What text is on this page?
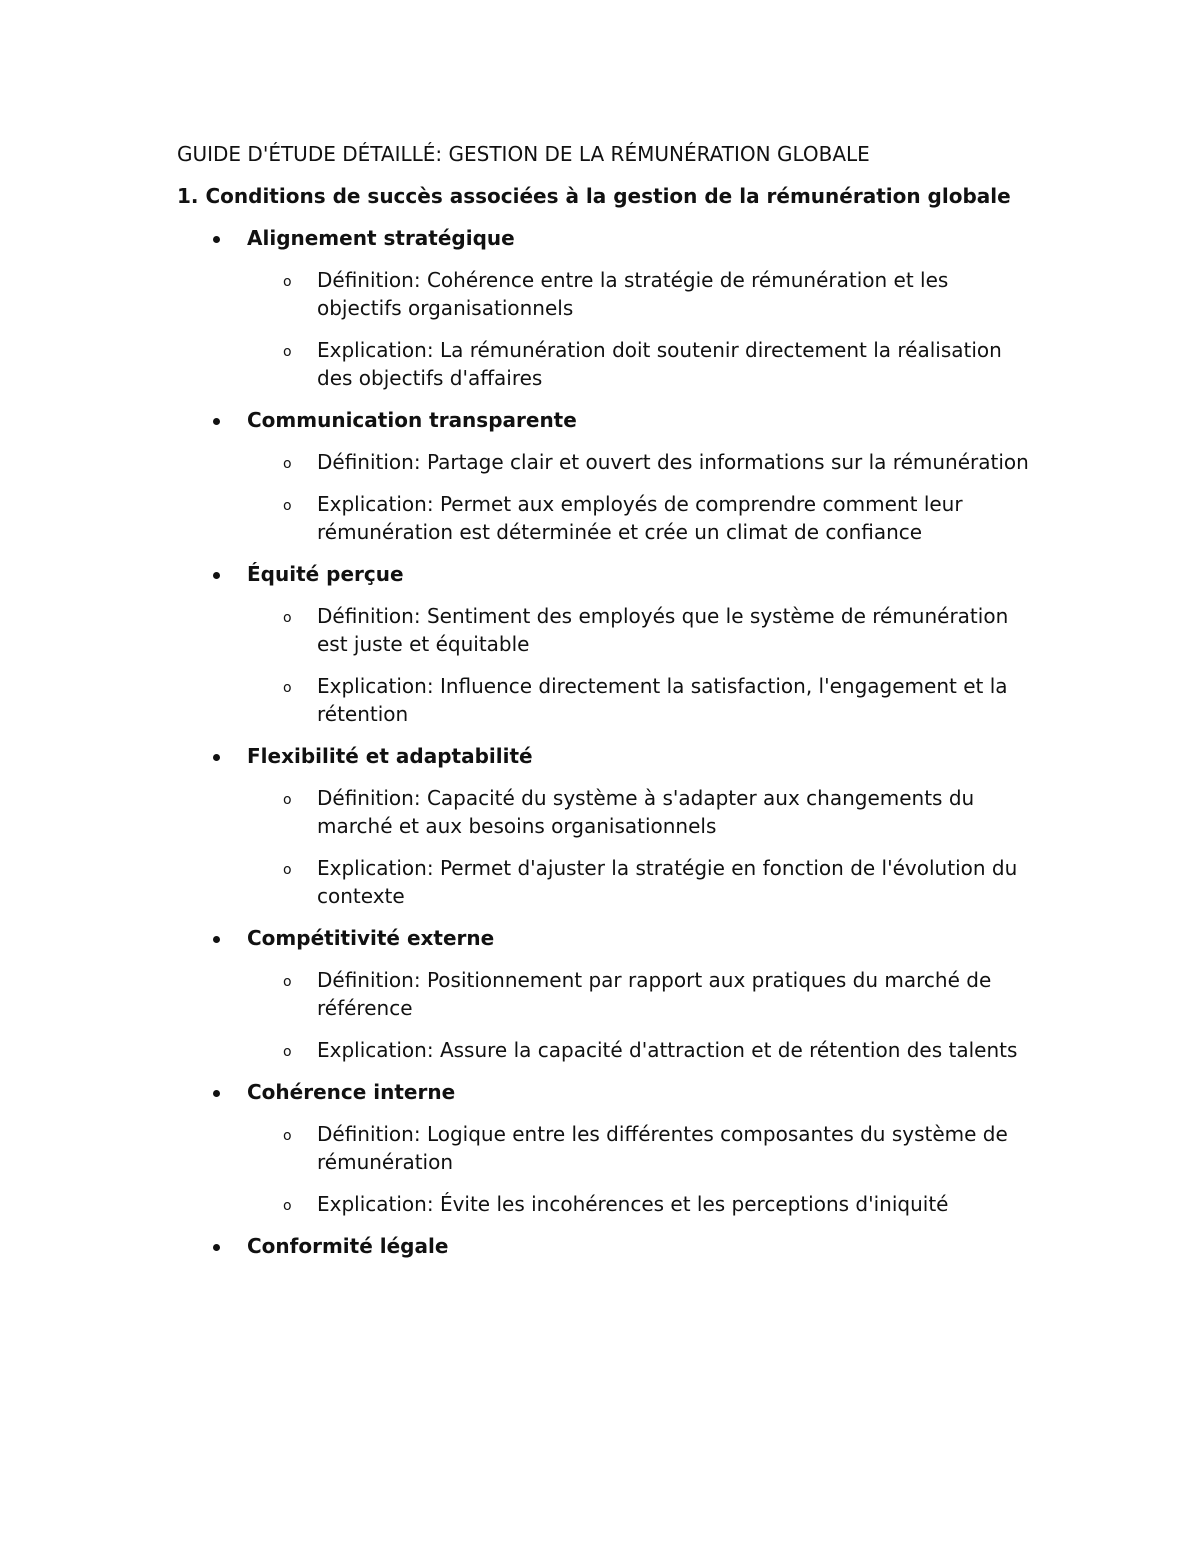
GUIDE D'ÉTUDE DÉTAILLÉ: GESTION DE LA RÉMUNÉRATION GLOBALE
1. Conditions de succès associées à la gestion de la rémunération globale
Alignement stratégique
o Définition: Cohérence entre la stratégie de rémunération et les objectifs organisationnels
o Explication: La rémunération doit soutenir directement la réalisation des objectifs d'affaires
Communication transparente
o Définition: Partage clair et ouvert des informations sur la rémunération
o Explication: Permet aux employés de comprendre comment leur rémunération est déterminée et crée un climat de confiance
Équité perçue
o Définition: Sentiment des employés que le système de rémunération est juste et équitable
o Explication: Influence directement la satisfaction, l'engagement et la rétention
Flexibilité et adaptabilité
o Définition: Capacité du système à s'adapter aux changements du marché et aux besoins organisationnels
o Explication: Permet d'ajuster la stratégie en fonction de l'évolution du contexte
Compétitivité externe
o Définition: Positionnement par rapport aux pratiques du marché de référence
o Explication: Assure la capacité d'attraction et de rétention des talents
Cohérence interne
o Définition: Logique entre les différentes composantes du système de rémunération
o Explication: Évite les incohérences et les perceptions d'iniquité
Conformité légale
